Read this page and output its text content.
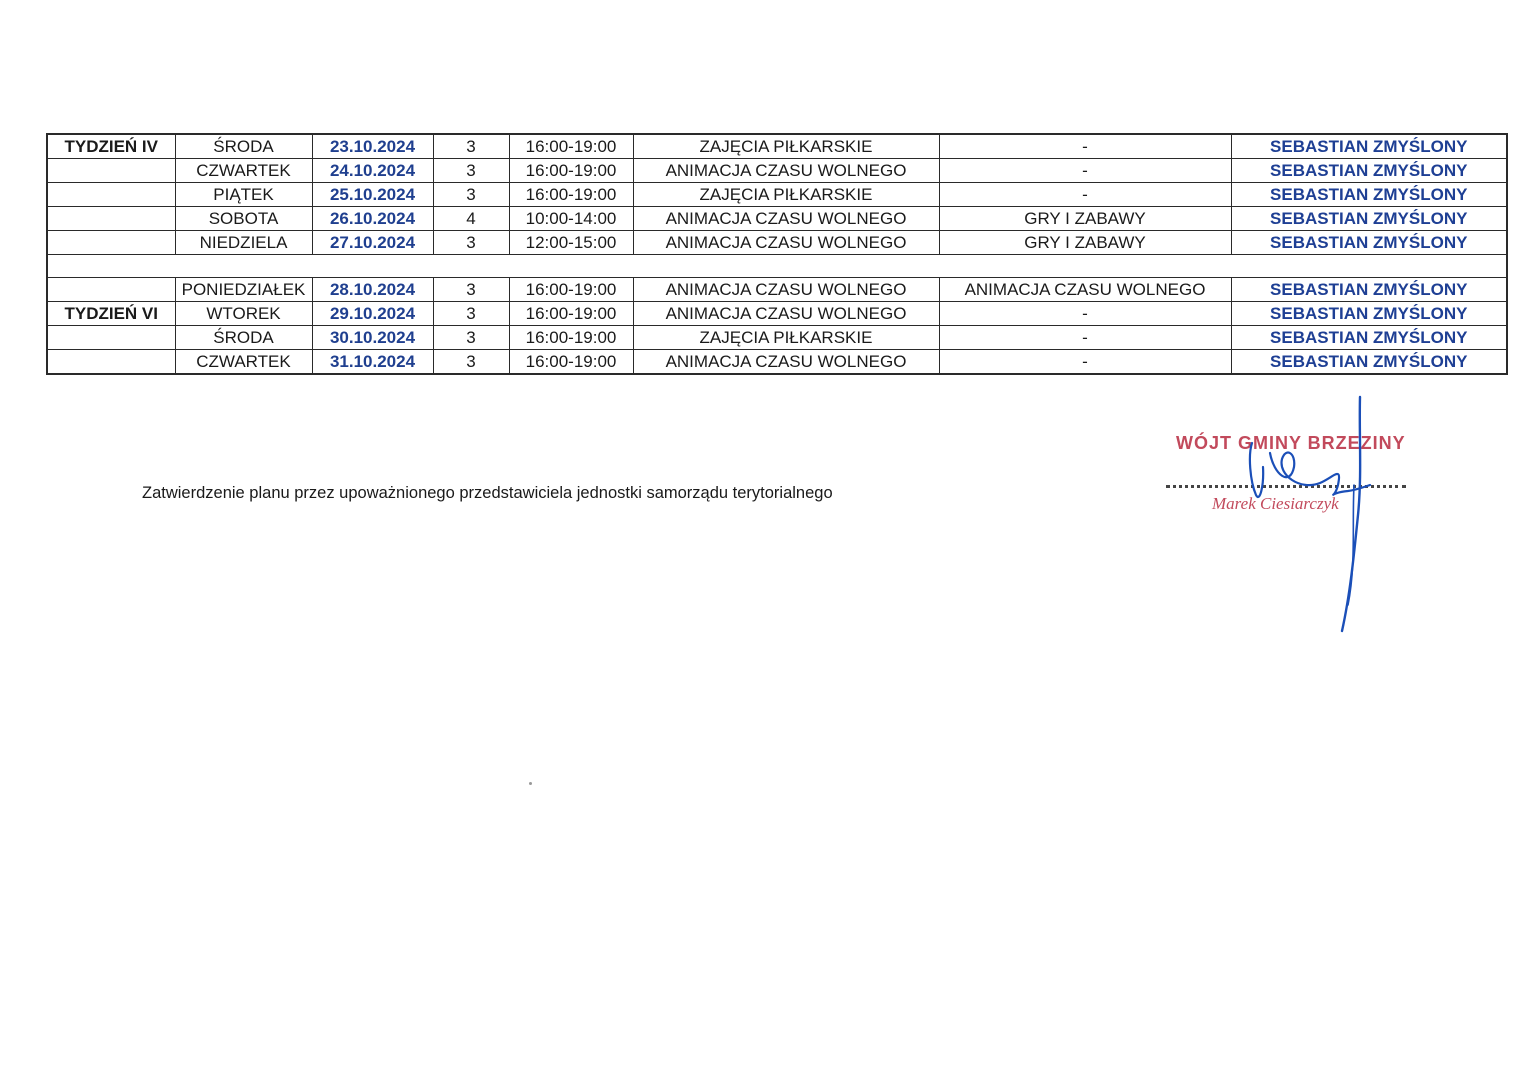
TYDZIEŃ IV	ŚRODA	23.10.2024	3	16:00-19:00	ZAJĘCIA PIŁKARSKIE	-	SEBASTIAN ZMYŚLONY
	CZWARTEK	24.10.2024	3	16:00-19:00	ANIMACJA CZASU WOLNEGO	-	SEBASTIAN ZMYŚLONY
	PIĄTEK	25.10.2024	3	16:00-19:00	ZAJĘCIA PIŁKARSKIE	-	SEBASTIAN ZMYŚLONY
	SOBOTA	26.10.2024	4	10:00-14:00	ANIMACJA CZASU WOLNEGO	GRY I ZABAWY	SEBASTIAN ZMYŚLONY
	NIEDZIELA	27.10.2024	3	12:00-15:00	ANIMACJA CZASU WOLNEGO	GRY I ZABAWY	SEBASTIAN ZMYŚLONY

	PONIEDZIAŁEK	28.10.2024	3	16:00-19:00	ANIMACJA CZASU WOLNEGO	ANIMACJA CZASU WOLNEGO	SEBASTIAN ZMYŚLONY
TYDZIEŃ VI	WTOREK	29.10.2024	3	16:00-19:00	ANIMACJA CZASU WOLNEGO	-	SEBASTIAN ZMYŚLONY
	ŚRODA	30.10.2024	3	16:00-19:00	ZAJĘCIA PIŁKARSKIE	-	SEBASTIAN ZMYŚLONY
	CZWARTEK	31.10.2024	3	16:00-19:00	ANIMACJA CZASU WOLNEGO	-	SEBASTIAN ZMYŚLONY
Zatwierdzenie planu przez upoważnionego przedstawiciela jednostki samorządu terytorialnego
WÓJT GMINY BRZEZINY
Marek Ciesiarczyk
